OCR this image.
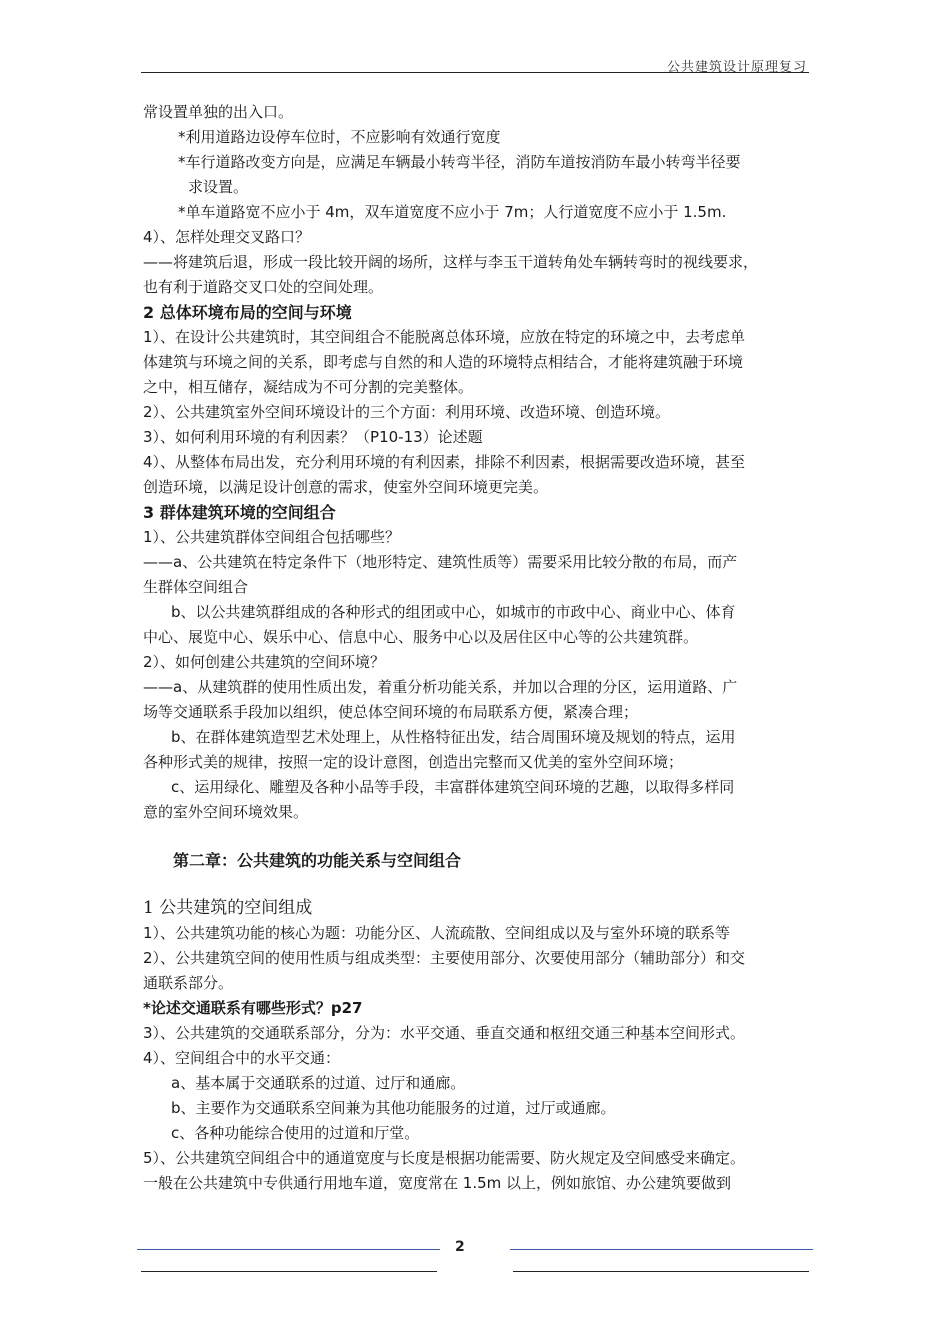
公共建筑设计原理复习
常设置单独的出入口。
*利用道路边设停车位时，不应影响有效通行宽度
*车行道路改变方向是，应满足车辆最小转弯半径，消防车道按消防车最小转弯半径要
求设置。
*单车道路宽不应小于 4m，双车道宽度不应小于 7m；人行道宽度不应小于 1.5m.
4）、怎样处理交叉路口？
——将建筑后退，形成一段比较开阔的场所，这样与李玉干道转角处车辆转弯时的视线要求，
也有利于道路交叉口处的空间处理。
2 总体环境布局的空间与环境
1）、在设计公共建筑时，其空间组合不能脱离总体环境，应放在特定的环境之中，去考虑单
体建筑与环境之间的关系，即考虑与自然的和人造的环境特点相结合，才能将建筑融于环境
之中，相互储存，凝结成为不可分割的完美整体。
2）、公共建筑室外空间环境设计的三个方面：利用环境、改造环境、创造环境。
3）、如何利用环境的有利因素？（P10-13）论述题
4）、从整体布局出发，充分利用环境的有利因素，排除不利因素，根据需要改造环境，甚至
创造环境，以满足设计创意的需求，使室外空间环境更完美。
3 群体建筑环境的空间组合
1）、公共建筑群体空间组合包括哪些？
——a、公共建筑在特定条件下（地形特定、建筑性质等）需要采用比较分散的布局，而产
生群体空间组合
b、以公共建筑群组成的各种形式的组团或中心，如城市的市政中心、商业中心、体育
中心、展览中心、娱乐中心、信息中心、服务中心以及居住区中心等的公共建筑群。
2）、如何创建公共建筑的空间环境？
——a、从建筑群的使用性质出发，着重分析功能关系，并加以合理的分区，运用道路、广
场等交通联系手段加以组织，使总体空间环境的布局联系方便，紧凑合理；
b、在群体建筑造型艺术处理上，从性格特征出发，结合周围环境及规划的特点，运用
各种形式美的规律，按照一定的设计意图，创造出完整而又优美的室外空间环境；
c、运用绿化、雕塑及各种小品等手段，丰富群体建筑空间环境的艺趣，以取得多样同
意的室外空间环境效果。
第二章：公共建筑的功能关系与空间组合
1 公共建筑的空间组成
1）、公共建筑功能的核心为题：功能分区、人流疏散、空间组成以及与室外环境的联系等
2）、公共建筑空间的使用性质与组成类型：主要使用部分、次要使用部分（辅助部分）和交
通联系部分。
*论述交通联系有哪些形式？p27
3）、公共建筑的交通联系部分，分为：水平交通、垂直交通和枢纽交通三种基本空间形式。
4）、空间组合中的水平交通：
a、基本属于交通联系的过道、过厅和通廊。
b、主要作为交通联系空间兼为其他功能服务的过道，过厅或通廊。
c、各种功能综合使用的过道和厅堂。
5）、公共建筑空间组合中的通道宽度与长度是根据功能需要、防火规定及空间感受来确定。
一般在公共建筑中专供通行用地车道，宽度常在 1.5m 以上，例如旅馆、办公建筑要做到
2
